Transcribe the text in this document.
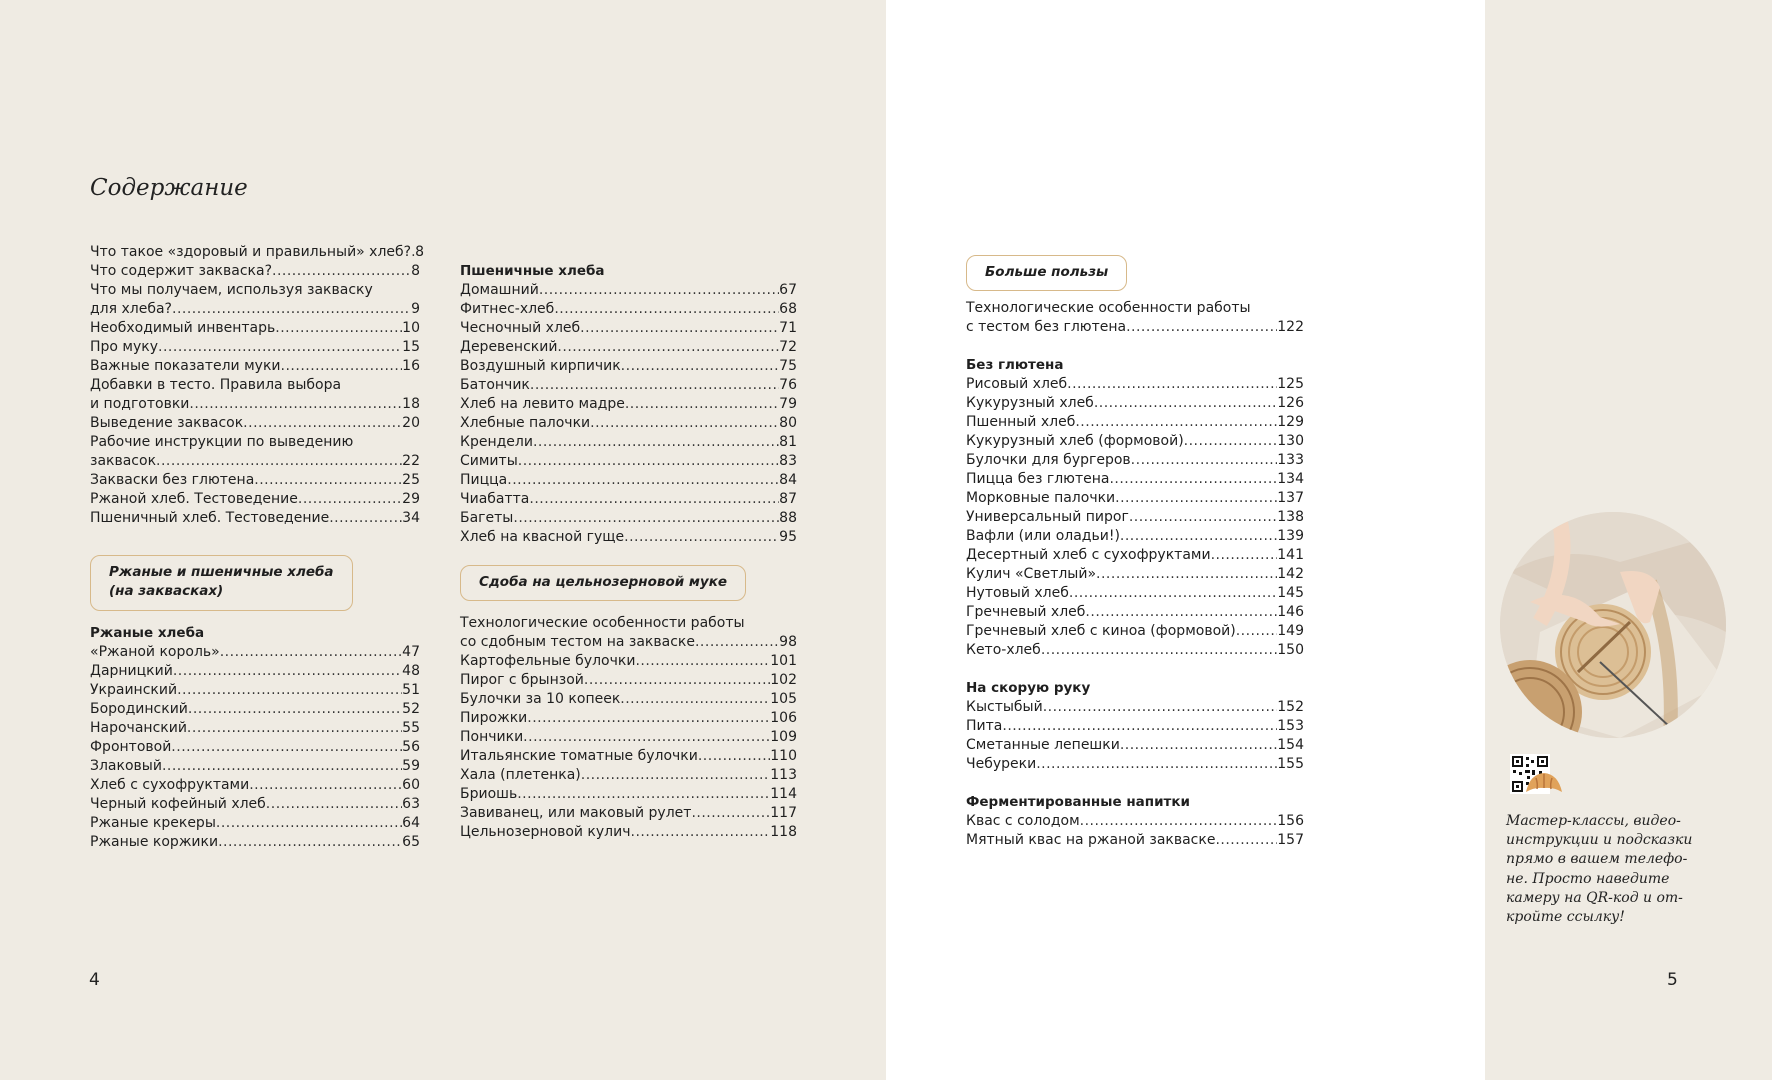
Содержание
Что такое «здоровый и правильный» хлеб? ..... 8
Что содержит закваска? .....	8
Что мы получаем, используя закваску
для хлеба? .....	9
Необходимый инвентарь .....	10
Про муку .....	15
Важные показатели муки .....	16
Добавки в тесто. Правила выбора
и подготовки .....	18
Выведение заквасок .....	20
Рабочие инструкции по выведению
заквасок .....	22
Закваски без глютена .....	25
Ржаной хлеб. Тестоведение .....	29
Пшеничный хлеб. Тестоведение .....	34
Ржаные и пшеничные хлеба
(на заквасках)
Ржаные хлеба
«Ржаной король» .....	47
Дарницкий .....	48
Украинский .....	51
Бородинский .....	52
Нарочанский .....	55
Фронтовой .....	56
Злаковый .....	59
Хлеб с сухофруктами .....	60
Черный кофейный хлеб .....	63
Ржаные крекеры .....	64
Ржаные коржики .....	65
Пшеничные хлеба
Домашний .....	67
Фитнес-хлеб .....	68
Чесночный хлеб .....	71
Деревенский .....	72
Воздушный кирпичик .....	75
Батончик .....	76
Хлеб на левито мадре .....	79
Хлебные палочки .....	80
Крендели .....	81
Симиты .....	83
Пицца .....	84
Чиабатта .....	87
Багеты .....	88
Хлеб на квасной гуще .....	95
Сдоба на цельнозерновой муке
Технологические особенности работы
со сдобным тестом на закваске .....	98
Картофельные булочки .....	101
Пирог с брынзой .....	102
Булочки за 10 копеек .....	105
Пирожки .....	106
Пончики .....	109
Итальянские томатные булочки .....	110
Хала (плетенка) .....	113
Бриошь .....	114
Завиванец, или маковый рулет .....	117
Цельнозерновой кулич .....	118
Больше пользы
Технологические особенности работы
с тестом без глютена .....	122
Без глютена
Рисовый хлеб .....	125
Кукурузный хлеб .....	126
Пшенный хлеб .....	129
Кукурузный хлеб (формовой) .....	130
Булочки для бургеров .....	133
Пицца без глютена .....	134
Морковные палочки .....	137
Универсальный пирог .....	138
Вафли (или оладьи!) .....	139
Десертный хлеб с сухофруктами .....	141
Кулич «Светлый» .....	142
Нутовый хлеб .....	145
Гречневый хлеб .....	146
Гречневый хлеб с киноа (формовой) .....	149
Кето-хлеб .....	150
На скорую руку
Кыстыбый .....	152
Пита .....	153
Сметанные лепешки .....	154
Чебуреки .....	155
Ферментированные напитки
Квас с солодом .....	156
Мятный квас на ржаной закваске .....	157
4	5
Мастер-классы, видео-
инструкции и подсказки
прямо в вашем телефо-
не. Просто наведите
камеру на QR-код и от-
кройте ссылку!
